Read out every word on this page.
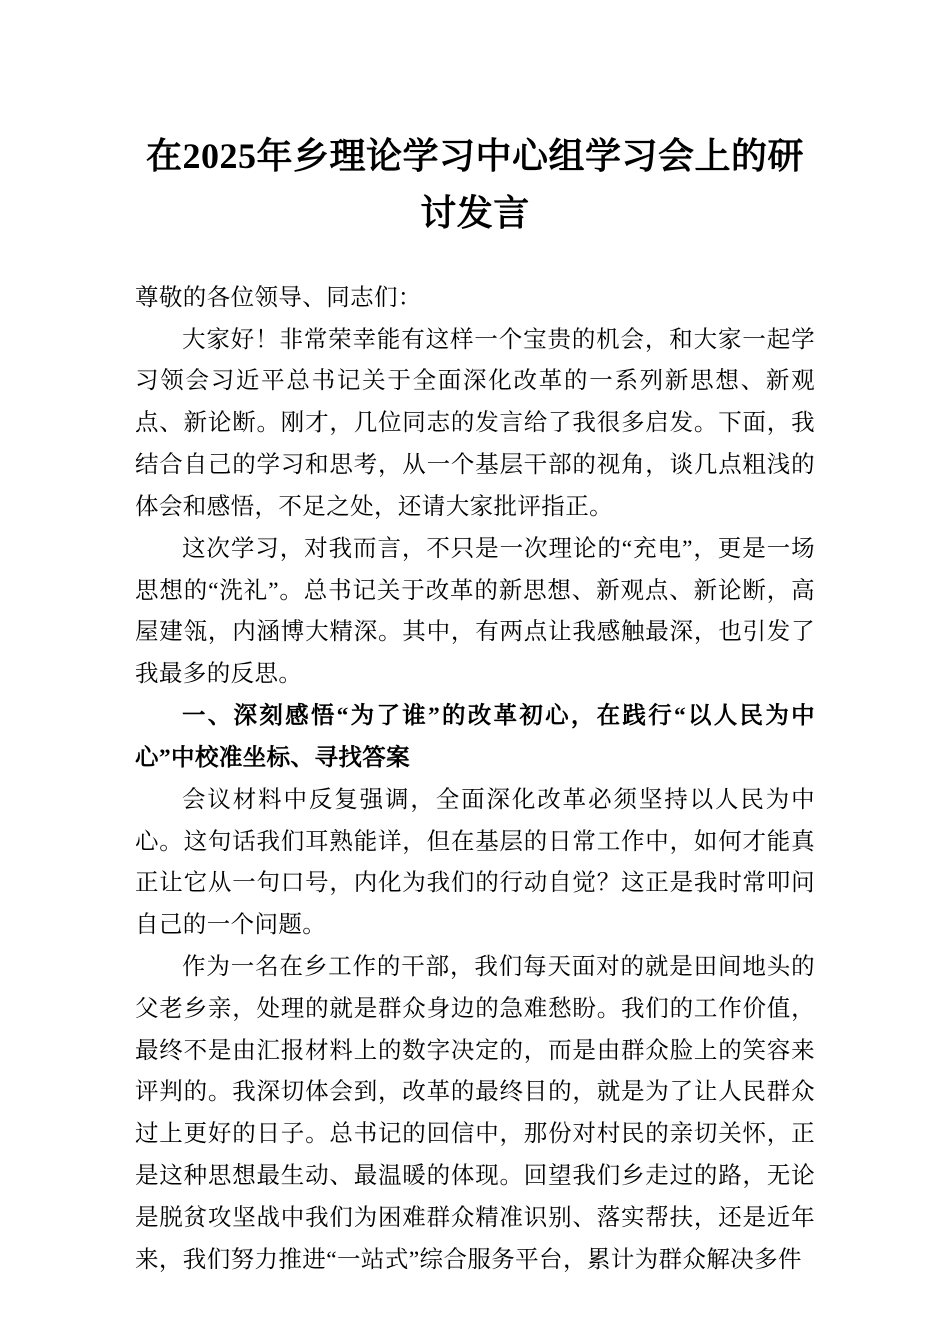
在2025年乡理论学习中心组学习会上的研讨发言

尊敬的各位领导、同志们：

大家好！非常荣幸能有这样一个宝贵的机会，和大家一起学习领会习近平总书记关于全面深化改革的一系列新思想、新观点、新论断。刚才，几位同志的发言给了我很多启发。下面，我结合自己的学习和思考，从一个基层干部的视角，谈几点粗浅的体会和感悟，不足之处，还请大家批评指正。

这次学习，对我而言，不只是一次理论的“充电”，更是一场思想的“洗礼”。总书记关于改革的新思想、新观点、新论断，高屋建瓴，内涵博大精深。其中，有两点让我感触最深，也引发了我最多的反思。

一、深刻感悟“为了谁”的改革初心，在践行“以人民为中心”中校准坐标、寻找答案

会议材料中反复强调，全面深化改革必须坚持以人民为中心。这句话我们耳熟能详，但在基层的日常工作中，如何才能真正让它从一句口号，内化为我们的行动自觉？这正是我时常叩问自己的一个问题。

作为一名在乡工作的干部，我们每天面对的就是田间地头的父老乡亲，处理的就是群众身边的急难愁盼。我们的工作价值，最终不是由汇报材料上的数字决定的，而是由群众脸上的笑容来评判的。我深切体会到，改革的最终目的，就是为了让人民群众过上更好的日子。总书记的回信中，那份对村民的亲切关怀，正是这种思想最生动、最温暖的体现。回望我们乡走过的路，无论是脱贫攻坚战中我们为困难群众精准识别、落实帮扶，还是近年来，我们努力推进“一站式”综合服务平台，累计为群众解决多件
